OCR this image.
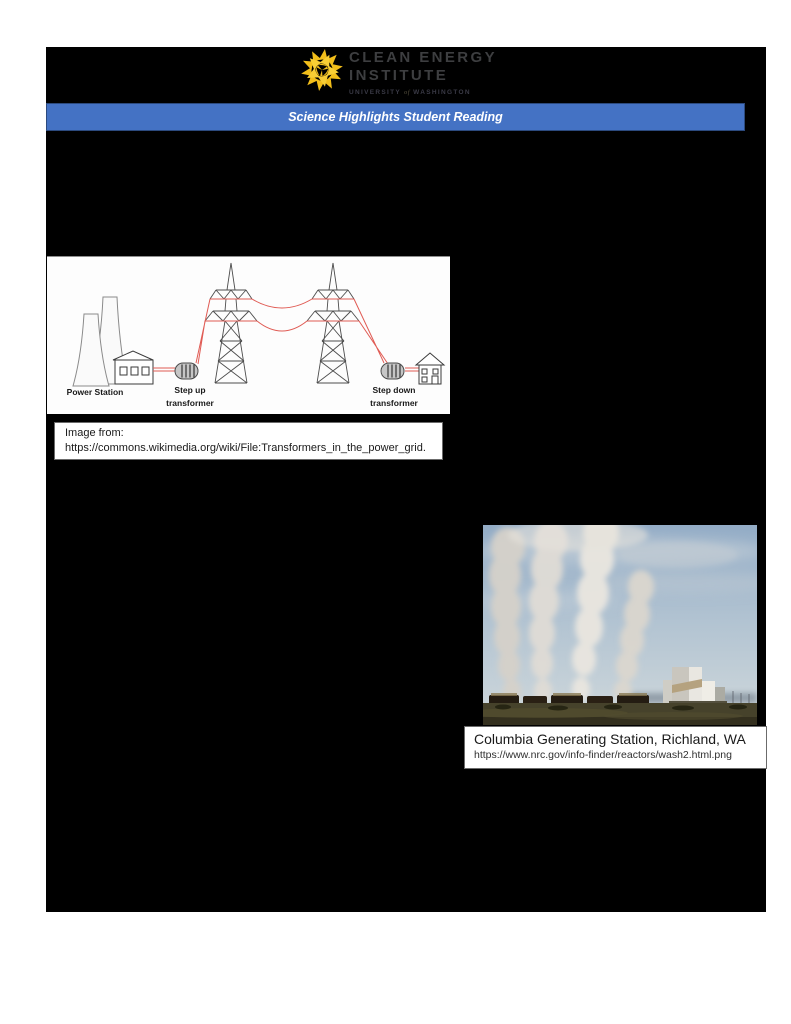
CLEAN ENERGY
INSTITUTE
UNIVERSITY of WASHINGTON
Science Highlights Student Reading
Power Station	Step up
transformer
Step down
transformer
Image from:
https://commons.wikimedia.org/wiki/File:Transformers_in_the_power_grid.
Columbia Generating Station, Richland, WA
https://www.nrc.gov/info-finder/reactors/wash2.html.png
